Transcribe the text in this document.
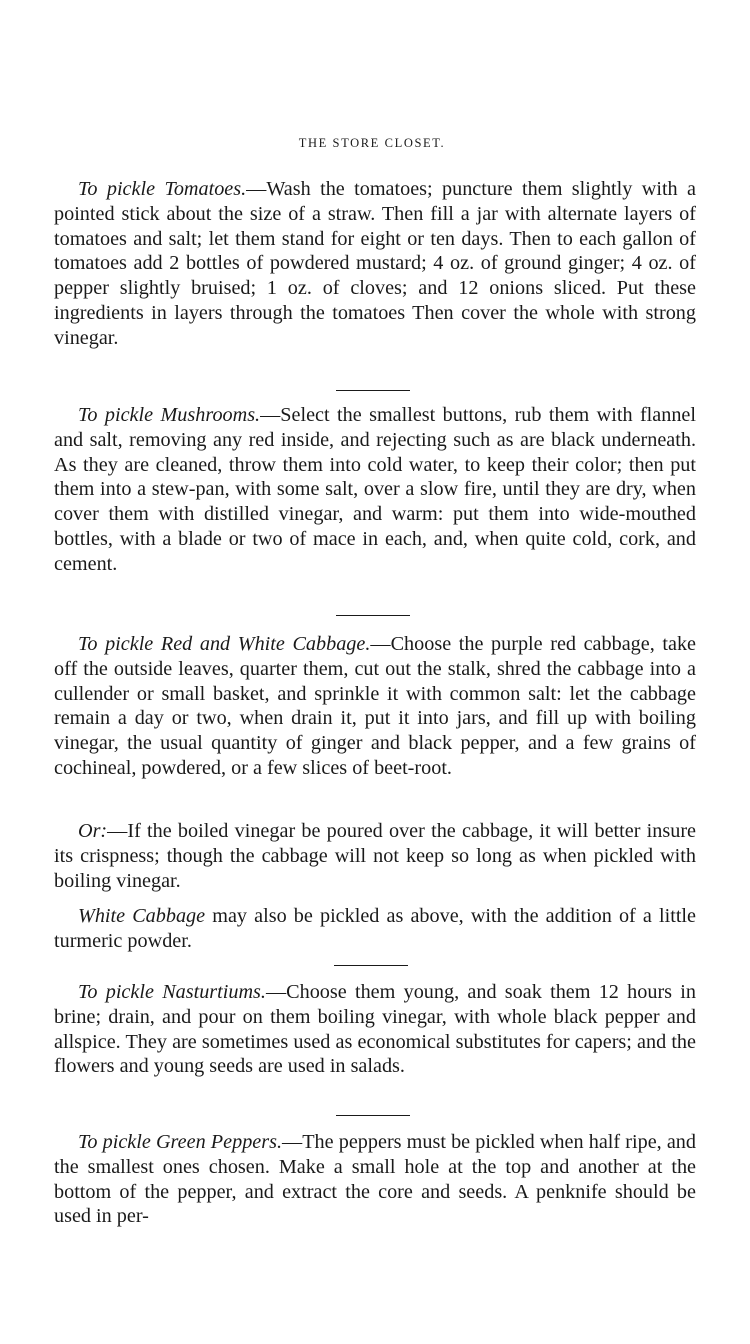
THE STORE CLOSET.

To pickle Tomatoes.—Wash the tomatoes; puncture them slightly with a pointed stick about the size of a straw. Then fill a jar with alternate layers of tomatoes and salt; let them stand for eight or ten days. Then to each gallon of tomatoes add 2 bottles of powdered mustard; 4 oz. of ground ginger; 4 oz. of pepper slightly bruised; 1 oz. of cloves; and 12 onions sliced. Put these ingredients in layers through the tomatoes Then cover the whole with strong vinegar.

To pickle Mushrooms.—Select the smallest buttons, rub them with flannel and salt, removing any red inside, and rejecting such as are black underneath. As they are cleaned, throw them into cold water, to keep their color; then put them into a stew-pan, with some salt, over a slow fire, until they are dry, when cover them with distilled vinegar, and warm: put them into wide-mouthed bottles, with a blade or two of mace in each, and, when quite cold, cork, and cement.

To pickle Red and White Cabbage.—Choose the purple red cabbage, take off the outside leaves, quarter them, cut out the stalk, shred the cabbage into a cullender or small basket, and sprinkle it with common salt: let the cabbage remain a day or two, when drain it, put it into jars, and fill up with boiling vinegar, the usual quantity of ginger and black pepper, and a few grains of cochineal, powdered, or a few slices of beet-root.

Or:—If the boiled vinegar be poured over the cabbage, it will better insure its crispness; though the cabbage will not keep so long as when pickled with boiling vinegar.

White Cabbage may also be pickled as above, with the addition of a little turmeric powder.

To pickle Nasturtiums.—Choose them young, and soak them 12 hours in brine; drain, and pour on them boiling vinegar, with whole black pepper and allspice. They are sometimes used as economical substitutes for capers; and the flowers and young seeds are used in salads.

To pickle Green Peppers.—The peppers must be pickled when half ripe, and the smallest ones chosen. Make a small hole at the top and another at the bottom of the pepper, and extract the core and seeds. A penknife should be used in per-
